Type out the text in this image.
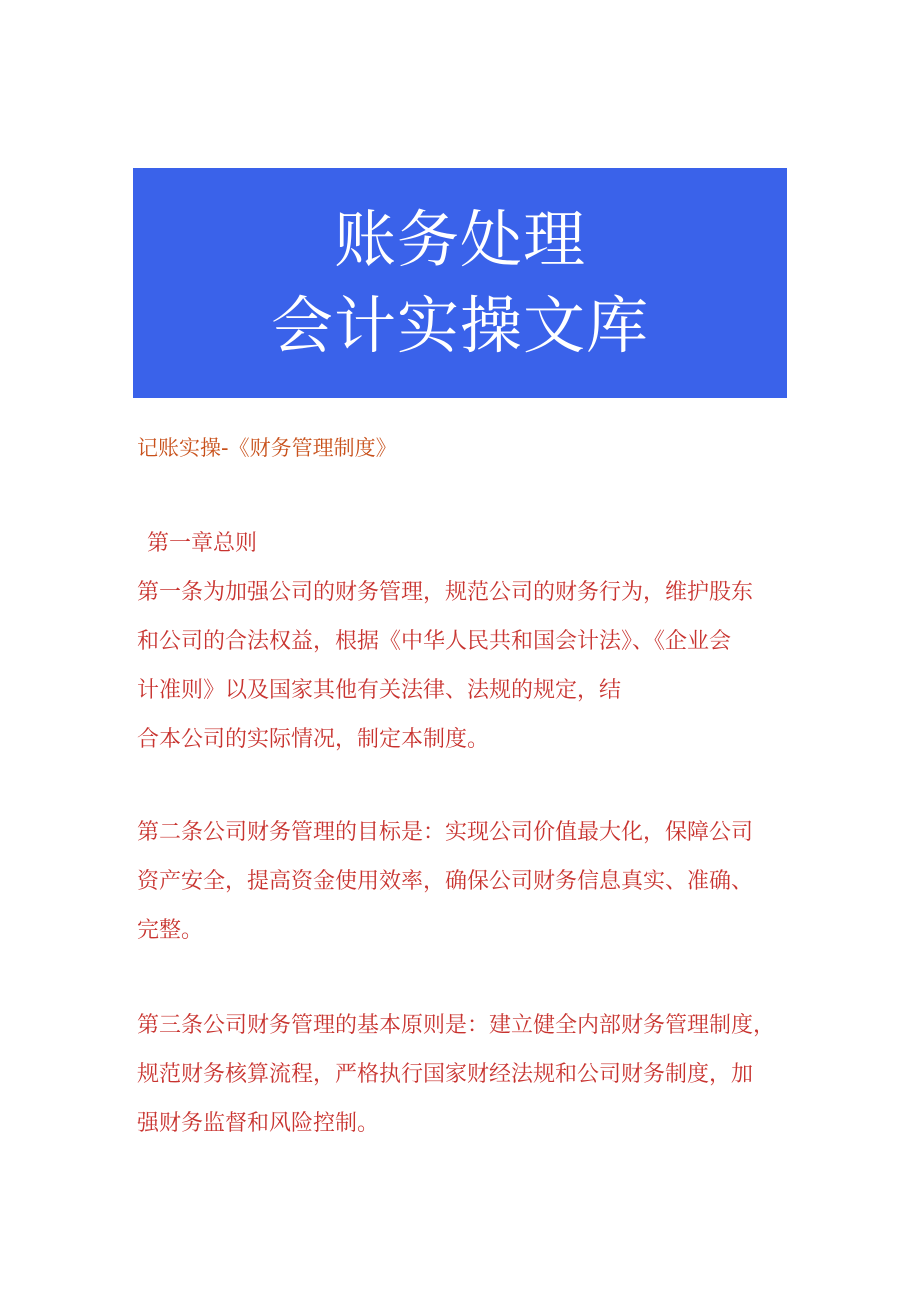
账务处理
会计实操文库
记账实操-《财务管理制度》
第一章总则
第一条为加强公司的财务管理，规范公司的财务行为，维护股东
和公司的合法权益，根据《中华人民共和国会计法》、《企业会
计准则》以及国家其他有关法律、法规的规定，结
合本公司的实际情况，制定本制度。
第二条公司财务管理的目标是：实现公司价值最大化，保障公司
资产安全，提高资金使用效率，确保公司财务信息真实、准确、
完整。
第三条公司财务管理的基本原则是：建立健全内部财务管理制度，
规范财务核算流程，严格执行国家财经法规和公司财务制度，加
强财务监督和风险控制。
